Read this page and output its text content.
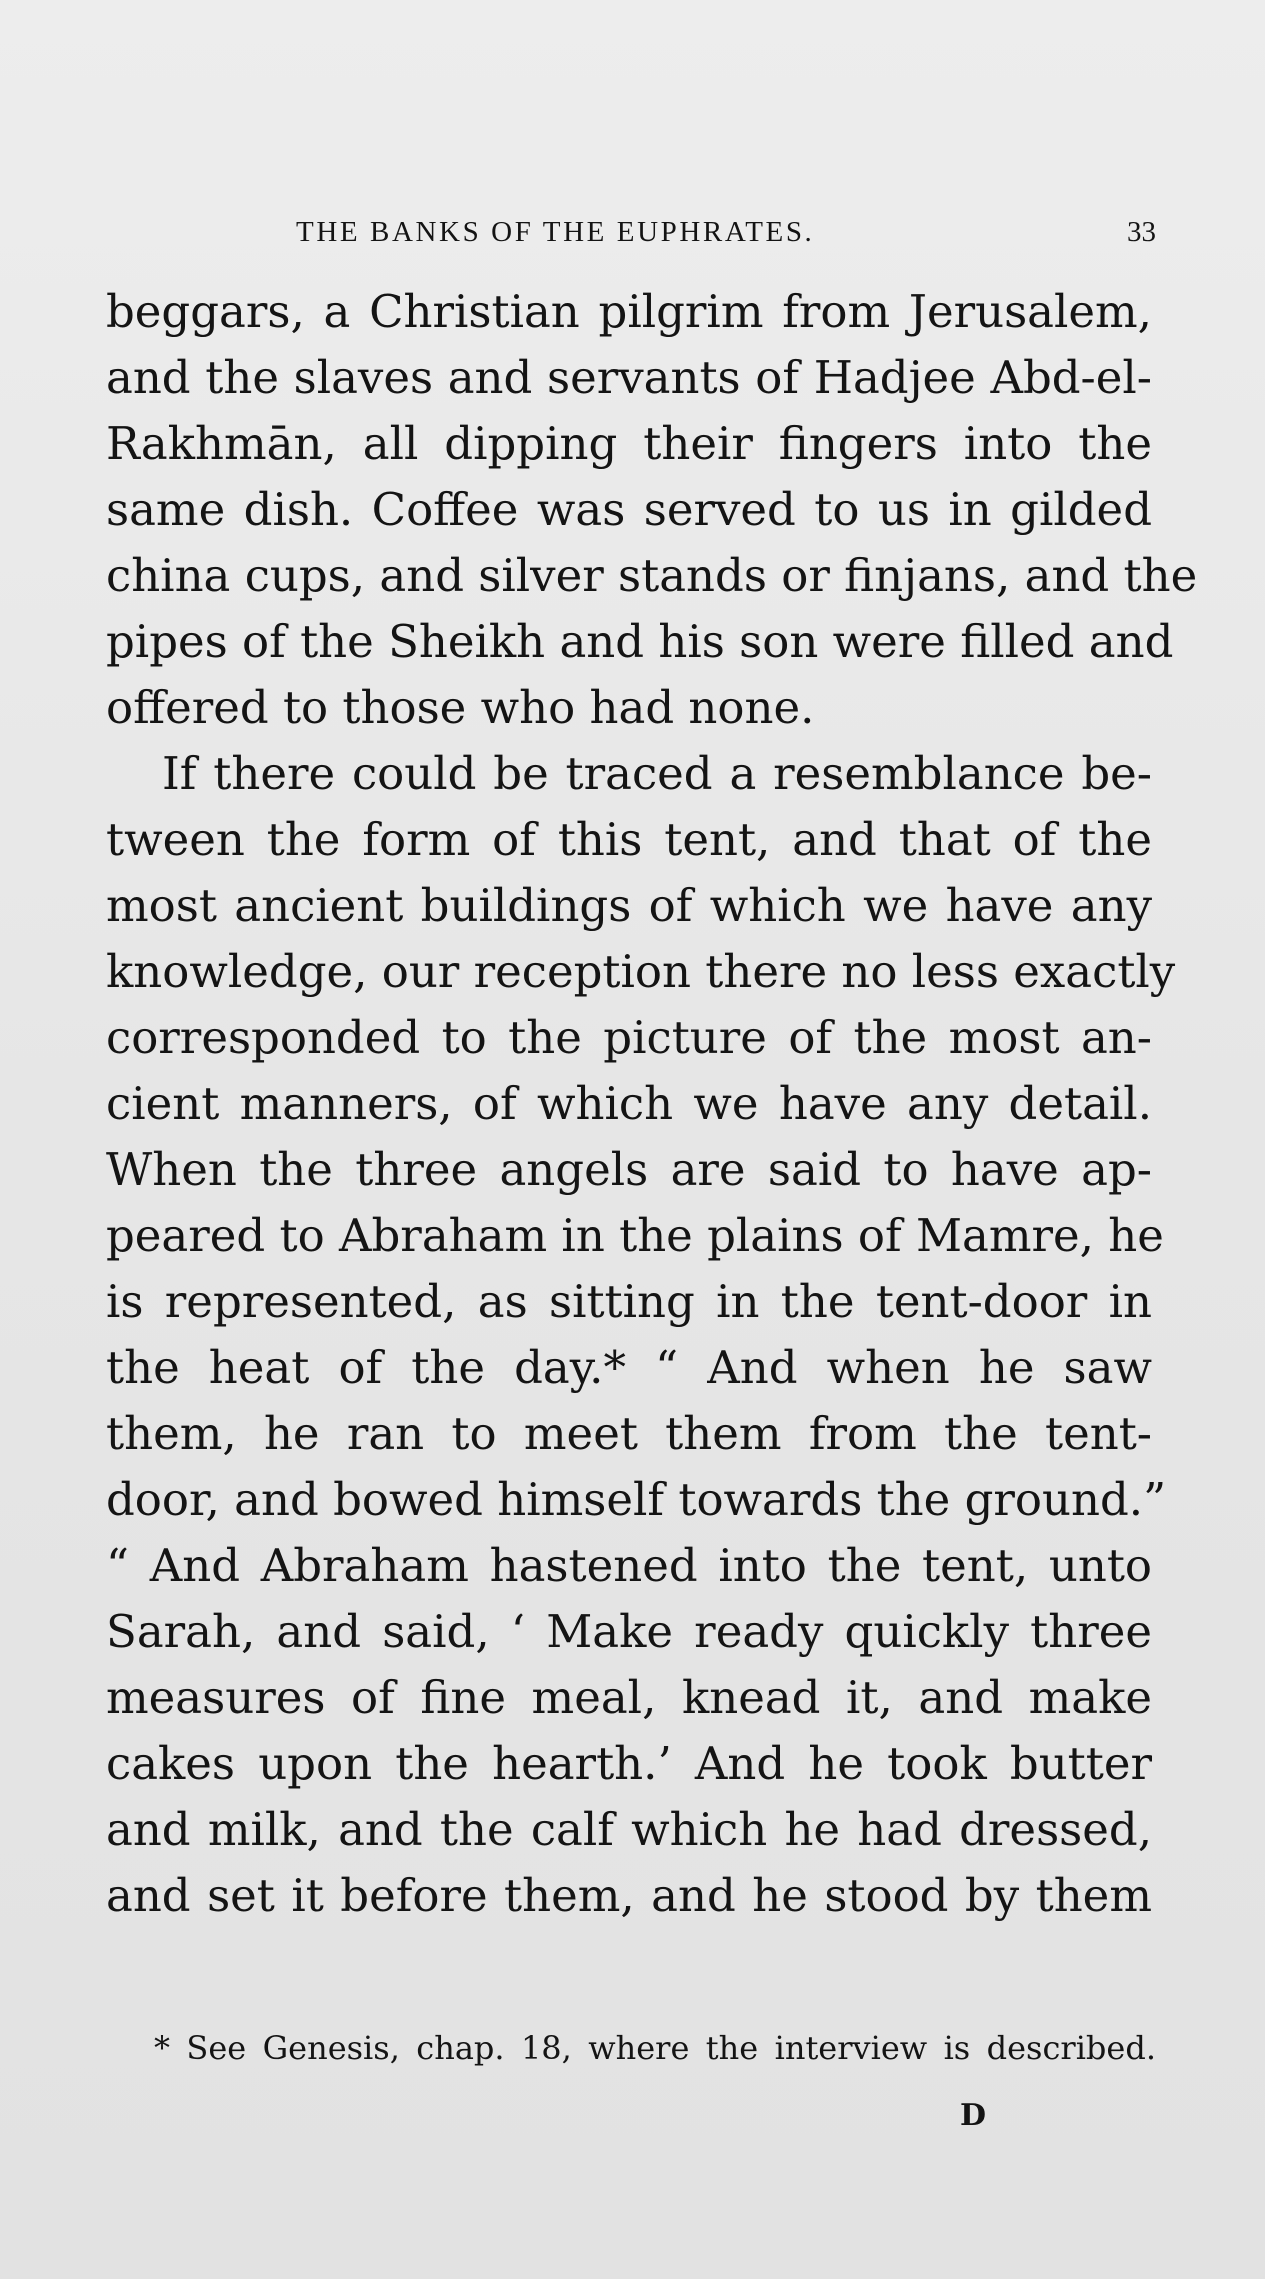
THE BANKS OF THE EUPHRATES.	33
beggars, a Christian pilgrim from Jerusalem,
and the slaves and servants of Hadjee Abd-el-
Rakhmān, all dipping their fingers into the
same dish. Coffee was served to us in gilded
china cups, and silver stands or finjans, and the
pipes of the Sheikh and his son were filled and
offered to those who had none.
If there could be traced a resemblance be-
tween the form of this tent, and that of the
most ancient buildings of which we have any
knowledge, our reception there no less exactly
corresponded to the picture of the most an-
cient manners, of which we have any detail.
When the three angels are said to have ap-
peared to Abraham in the plains of Mamre, he
is represented, as sitting in the tent-door in
the heat of the day.* “ And when he saw
them, he ran to meet them from the tent-
door, and bowed himself towards the ground.”
“ And Abraham hastened into the tent, unto
Sarah, and said, ‘ Make ready quickly three
measures of fine meal, knead it, and make
cakes upon the hearth.’ And he took butter
and milk, and the calf which he had dressed,
and set it before them, and he stood by them
* See Genesis, chap. 18, where the interview is described.
D
